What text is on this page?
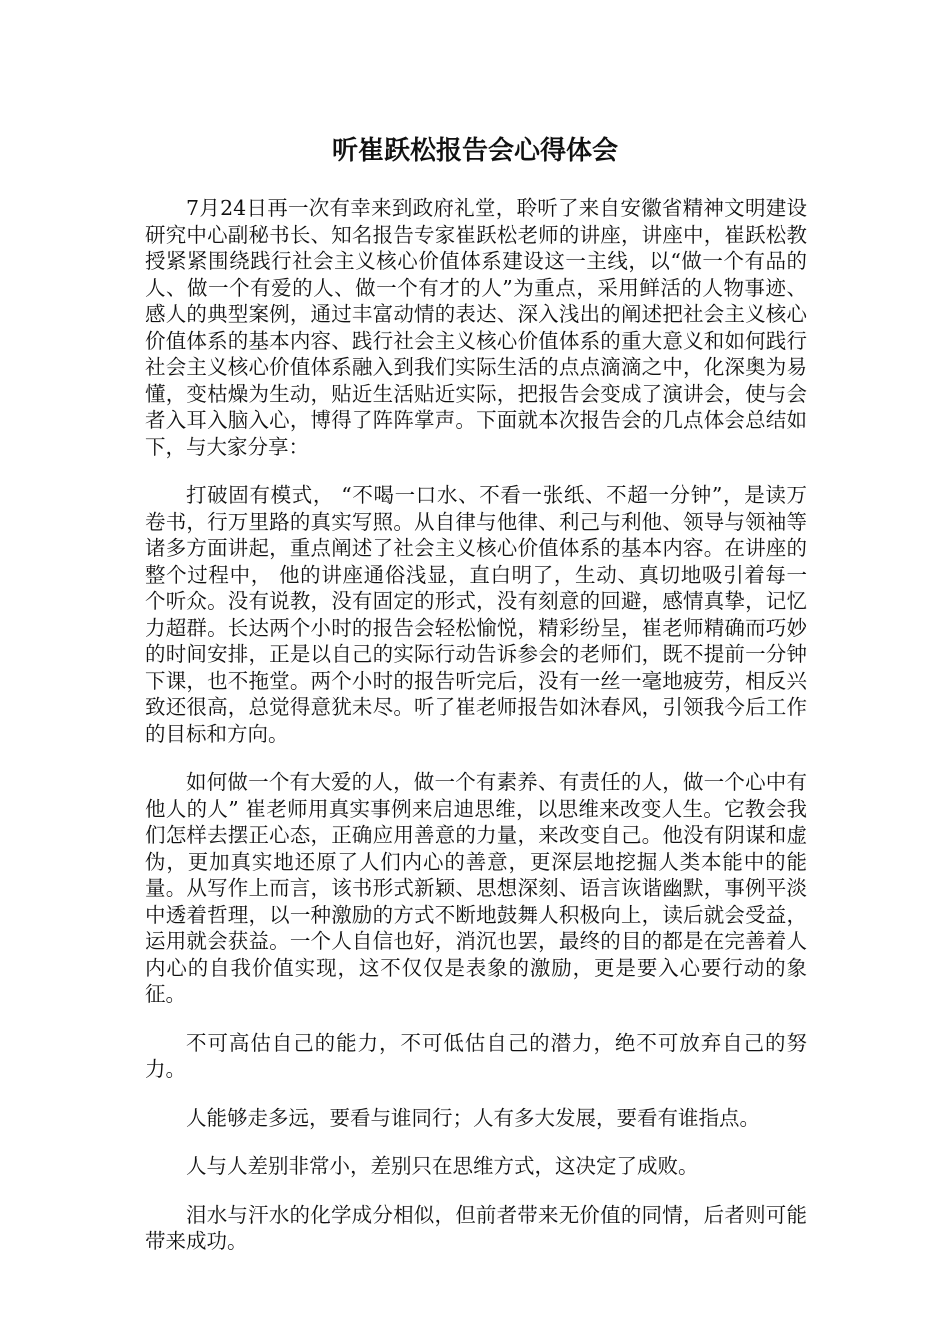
听崔跃松报告会心得体会

7月24日再一次有幸来到政府礼堂，聆听了来自安徽省精神文明建设研究中心副秘书长、知名报告专家崔跃松老师的讲座，讲座中，崔跃松教授紧紧围绕践行社会主义核心价值体系建设这一主线，以“做一个有品的人、做一个有爱的人、做一个有才的人”为重点，采用鲜活的人物事迹、感人的典型案例，通过丰富动情的表达、深入浅出的阐述把社会主义核心价值体系的基本内容、践行社会主义核心价值体系的重大意义和如何践行社会主义核心价值体系融入到我们实际生活的点点滴滴之中，化深奥为易懂，变枯燥为生动，贴近生活贴近实际，把报告会变成了演讲会，使与会者入耳入脑入心，博得了阵阵掌声。下面就本次报告会的几点体会总结如下，与大家分享：

打破固有模式， “不喝一口水、不看一张纸、不超一分钟”，是读万卷书，行万里路的真实写照。从自律与他律、利己与利他、领导与领袖等诸多方面讲起，重点阐述了社会主义核心价值体系的基本内容。在讲座的整个过程中， 他的讲座通俗浅显，直白明了，生动、真切地吸引着每一个听众。没有说教，没有固定的形式，没有刻意的回避，感情真挚，记忆力超群。长达两个小时的报告会轻松愉悦，精彩纷呈，崔老师精确而巧妙的时间安排，正是以自己的实际行动告诉参会的老师们，既不提前一分钟下课，也不拖堂。两个小时的报告听完后，没有一丝一毫地疲劳，相反兴致还很高，总觉得意犹未尽。听了崔老师报告如沐春风，引领我今后工作的目标和方向。

如何做一个有大爱的人，做一个有素养、有责任的人，做一个心中有他人的人” 崔老师用真实事例来启迪思维，以思维来改变人生。它教会我们怎样去摆正心态，正确应用善意的力量，来改变自己。他没有阴谋和虚伪，更加真实地还原了人们内心的善意，更深层地挖掘人类本能中的能量。从写作上而言，该书形式新颖、思想深刻、语言诙谐幽默，事例平淡中透着哲理，以一种激励的方式不断地鼓舞人积极向上，读后就会受益，运用就会获益。一个人自信也好，消沉也罢，最终的目的都是在完善着人内心的自我价值实现，这不仅仅是表象的激励，更是要入心要行动的象征。

不可高估自己的能力，不可低估自己的潜力，绝不可放弃自己的努力。

人能够走多远，要看与谁同行；人有多大发展，要看有谁指点。

人与人差别非常小，差别只在思维方式，这决定了成败。

泪水与汗水的化学成分相似，但前者带来无价值的同情，后者则可能带来成功。
